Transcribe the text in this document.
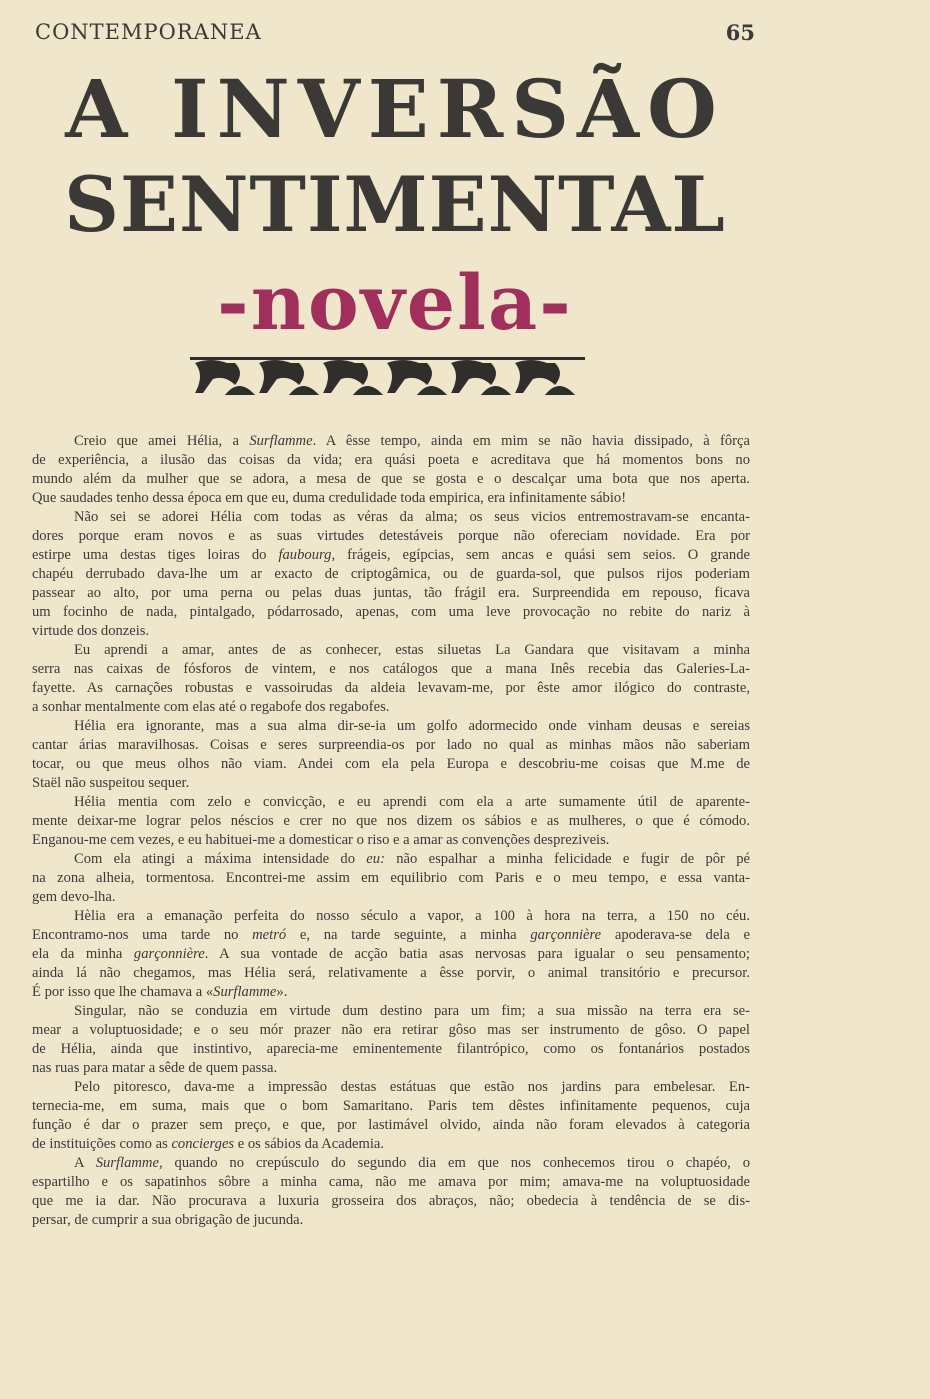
CONTEMPORANEA	65
A INVERSÃO
SENTIMENTAL
-novela-
Creio que amei Hélia, a Surflamme. A êsse tempo, ainda em mim se não havia dissipado, à fôrça
de experiência, a ilusão das coisas da vida; era quási poeta e acreditava que há momentos bons no
mundo além da mulher que se adora, a mesa de que se gosta e o descalçar uma bota que nos aperta.
Que saudades tenho dessa época em que eu, duma credulidade toda empirica, era infinitamente sábio!
Não sei se adorei Hélia com todas as véras da alma; os seus vicios entremostravam-se encanta-
dores porque eram novos e as suas virtudes detestáveis porque não ofereciam novidade. Era por
estirpe uma destas tiges loiras do faubourg, frágeis, egípcias, sem ancas e quási sem seios. O grande
chapéu derrubado dava-lhe um ar exacto de criptogâmica, ou de guarda-sol, que pulsos rijos poderiam
passear ao alto, por uma perna ou pelas duas juntas, tão frágil era. Surpreendida em repouso, ficava
um focinho de nada, pintalgado, pódarrosado, apenas, com uma leve provocação no rebite do nariz à
virtude dos donzeis.
Eu aprendi a amar, antes de as conhecer, estas siluetas La Gandara que visitavam a minha
serra nas caixas de fósforos de vintem, e nos catálogos que a mana Inês recebia das Galeries-La-
fayette. As carnações robustas e vassoirudas da aldeia levavam-me, por êste amor ilógico do contraste,
a sonhar mentalmente com elas até o regabofe dos regabofes.
Hélia era ignorante, mas a sua alma dir-se-ia um golfo adormecido onde vinham deusas e sereias
cantar árias maravilhosas. Coisas e seres surpreendia-os por lado no qual as minhas mãos não saberiam
tocar, ou que meus olhos não viam. Andei com ela pela Europa e descobriu-me coisas que M.me de
Staël não suspeitou sequer.
Hélia mentia com zelo e convicção, e eu aprendi com ela a arte sumamente útil de aparente-
mente deixar-me lograr pelos néscios e crer no que nos dizem os sábios e as mulheres, o que é cómodo.
Enganou-me cem vezes, e eu habituei-me a domesticar o riso e a amar as convenções despreziveis.
Com ela atingi a máxima intensidade do eu: não espalhar a minha felicidade e fugir de pôr pé
na zona alheia, tormentosa. Encontrei-me assim em equilibrio com Paris e o meu tempo, e essa vanta-
gem devo-lha.
Hèlia era a emanação perfeita do nosso século a vapor, a 100 à hora na terra, a 150 no céu.
Encontramo-nos uma tarde no metró e, na tarde seguinte, a minha garçonnière apoderava-se dela e
ela da minha garçonnière. A sua vontade de acção batia asas nervosas para igualar o seu pensamento;
ainda lá não chegamos, mas Hélia será, relativamente a êsse porvir, o animal transitório e precursor.
É por isso que lhe chamava a «Surflamme».
Singular, não se conduzia em virtude dum destino para um fim; a sua missão na terra era se-
mear a voluptuosidade; e o seu mór prazer não era retirar gôso mas ser instrumento de gôso. O papel
de Hélia, ainda que instintivo, aparecia-me eminentemente filantrópico, como os fontanários postados
nas ruas para matar a sêde de quem passa.
Pelo pitoresco, dava-me a impressão destas estátuas que estão nos jardins para embelesar. En-
ternecia-me, em suma, mais que o bom Samaritano. Paris tem dêstes infinitamente pequenos, cuja
função é dar o prazer sem preço, e que, por lastimável olvido, ainda não foram elevados à categoria
de instituições como as concierges e os sábios da Academia.
A Surflamme, quando no crepúsculo do segundo dia em que nos conhecemos tirou o chapéo, o
espartilho e os sapatinhos sôbre a minha cama, não me amava por mim; amava-me na voluptuosidade
que me ia dar. Não procurava a luxuria grosseira dos abraços, não; obedecia à tendência de se dis-
persar, de cumprir a sua obrigação de jucunda.
